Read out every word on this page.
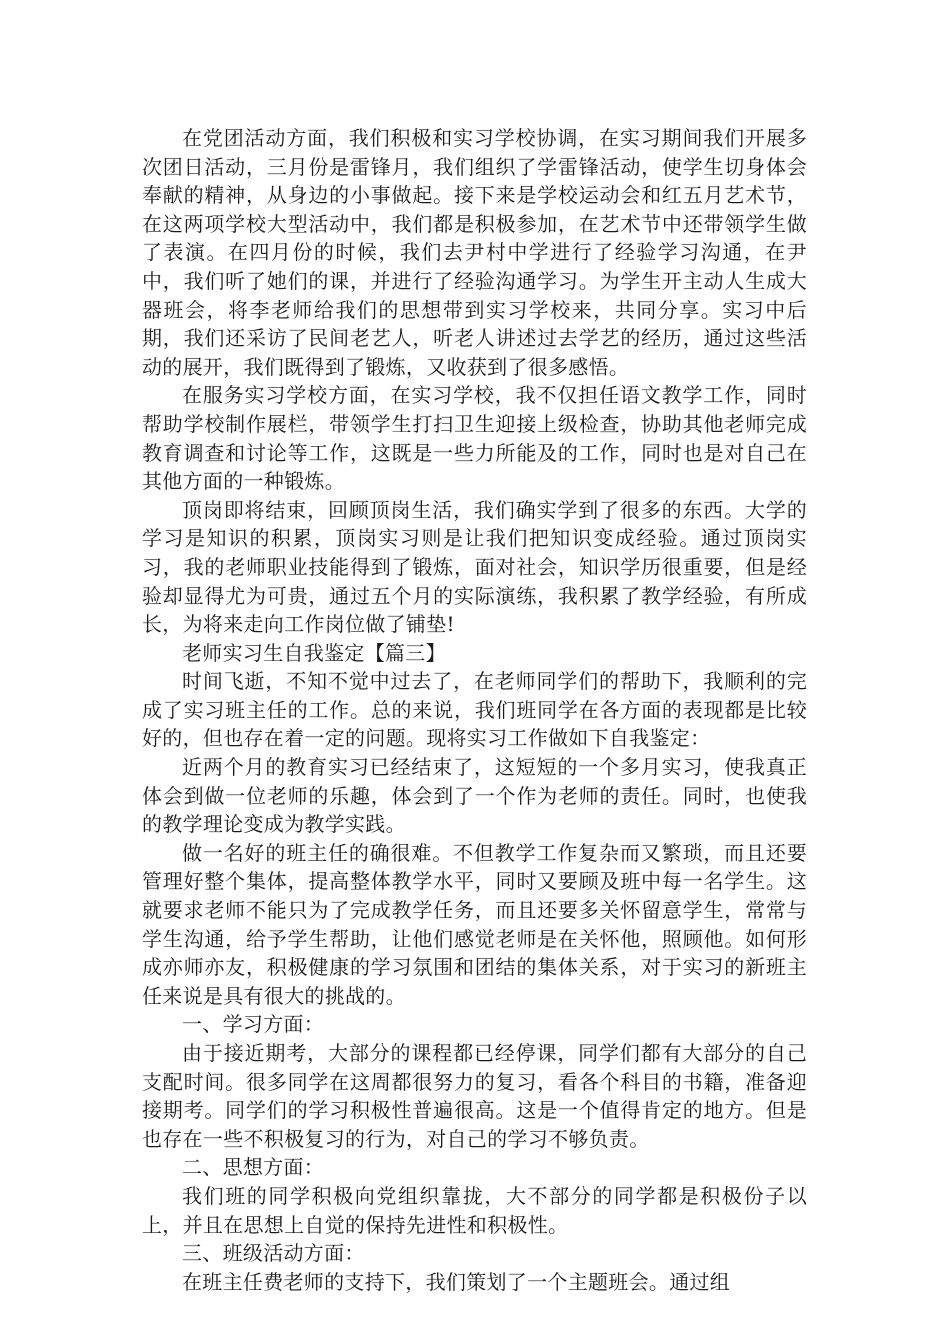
在党团活动方面，我们积极和实习学校协调，在实习期间我们开展多次团日活动，三月份是雷锋月，我们组织了学雷锋活动，使学生切身体会奉献的精神，从身边的小事做起。接下来是学校运动会和红五月艺术节，在这两项学校大型活动中，我们都是积极参加，在艺术节中还带领学生做了表演。在四月份的时候，我们去尹村中学进行了经验学习沟通，在尹中，我们听了她们的课，并进行了经验沟通学习。为学生开主动人生成大器班会，将李老师给我们的思想带到实习学校来，共同分享。实习中后期，我们还采访了民间老艺人，听老人讲述过去学艺的经历，通过这些活动的展开，我们既得到了锻炼，又收获到了很多感悟。

在服务实习学校方面，在实习学校，我不仅担任语文教学工作，同时帮助学校制作展栏，带领学生打扫卫生迎接上级检查，协助其他老师完成教育调查和讨论等工作，这既是一些力所能及的工作，同时也是对自己在其他方面的一种锻炼。

顶岗即将结束，回顾顶岗生活，我们确实学到了很多的东西。大学的学习是知识的积累，顶岗实习则是让我们把知识变成经验。通过顶岗实习，我的老师职业技能得到了锻炼，面对社会，知识学历很重要，但是经验却显得尤为可贵，通过五个月的实际演练，我积累了教学经验，有所成长，为将来走向工作岗位做了铺垫!

老师实习生自我鉴定【篇三】

时间飞逝，不知不觉中过去了，在老师同学们的帮助下，我顺利的完成了实习班主任的工作。总的来说，我们班同学在各方面的表现都是比较好的，但也存在着一定的问题。现将实习工作做如下自我鉴定：

近两个月的教育实习已经结束了，这短短的一个多月实习，使我真正体会到做一位老师的乐趣，体会到了一个作为老师的责任。同时，也使我的教学理论变成为教学实践。

做一名好的班主任的确很难。不但教学工作复杂而又繁琐，而且还要管理好整个集体，提高整体教学水平，同时又要顾及班中每一名学生。这就要求老师不能只为了完成教学任务，而且还要多关怀留意学生，常常与学生沟通，给予学生帮助，让他们感觉老师是在关怀他，照顾他。如何形成亦师亦友，积极健康的学习氛围和团结的集体关系，对于实习的新班主任来说是具有很大的挑战的。

一、学习方面：

由于接近期考，大部分的课程都已经停课，同学们都有大部分的自己支配时间。很多同学在这周都很努力的复习，看各个科目的书籍，准备迎接期考。同学们的学习积极性普遍很高。这是一个值得肯定的地方。但是也存在一些不积极复习的行为，对自己的学习不够负责。

二、思想方面：

我们班的同学积极向党组织靠拢，大不部分的同学都是积极份子以上，并且在思想上自觉的保持先进性和积极性。

三、班级活动方面：

在班主任费老师的支持下，我们策划了一个主题班会。通过组
